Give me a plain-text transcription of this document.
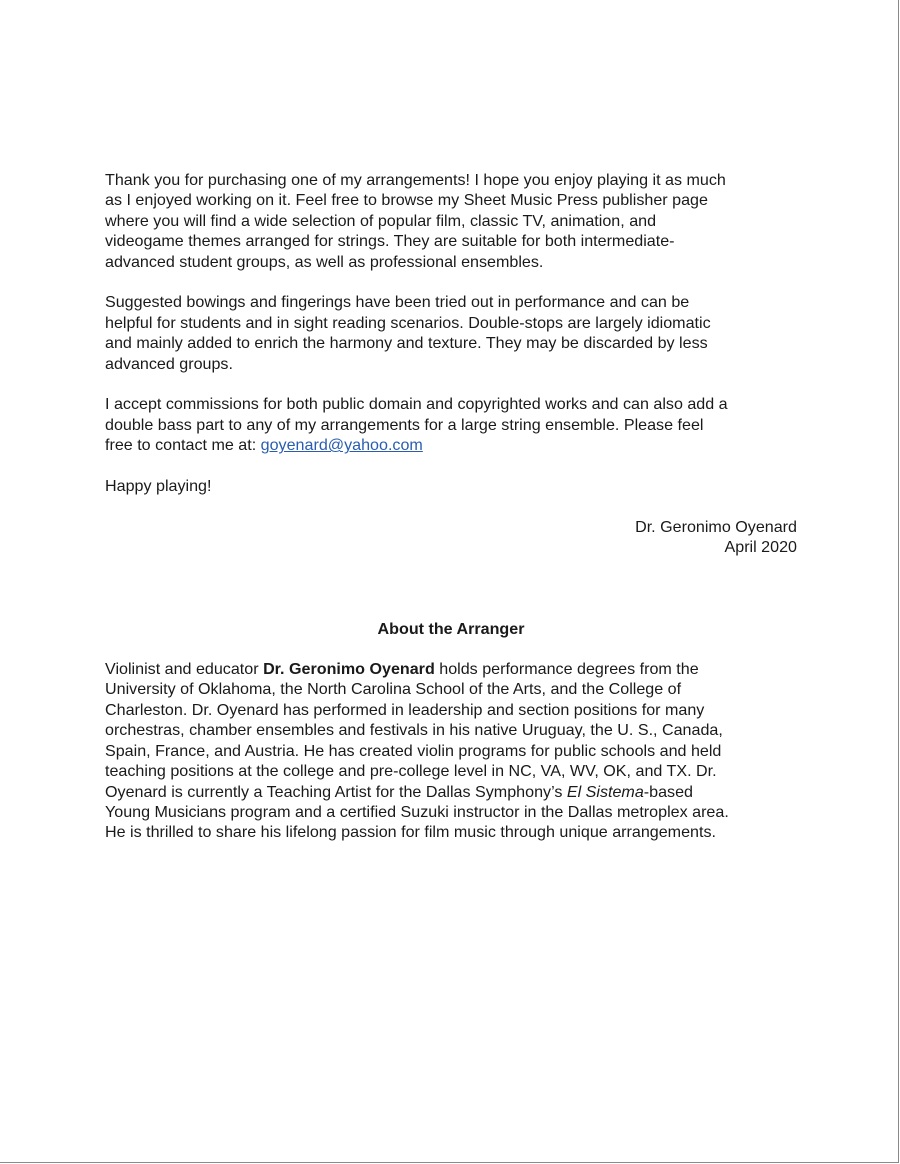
Thank you for purchasing one of my arrangements! I hope you enjoy playing it as much
as I enjoyed working on it. Feel free to browse my Sheet Music Press publisher page
where you will find a wide selection of popular film, classic TV, animation, and
videogame themes arranged for strings. They are suitable for both intermediate-
advanced student groups, as well as professional ensembles.

Suggested bowings and fingerings have been tried out in performance and can be
helpful for students and in sight reading scenarios. Double-stops are largely idiomatic
and mainly added to enrich the harmony and texture. They may be discarded by less
advanced groups.

I accept commissions for both public domain and copyrighted works and can also add a
double bass part to any of my arrangements for a large string ensemble. Please feel
free to contact me at: goyenard@yahoo.com

Happy playing!

Dr. Geronimo Oyenard

April 2020

About the Arranger

Violinist and educator Dr. Geronimo Oyenard holds performance degrees from the
University of Oklahoma, the North Carolina School of the Arts, and the College of
Charleston. Dr. Oyenard has performed in leadership and section positions for many
orchestras, chamber ensembles and festivals in his native Uruguay, the U. S., Canada,
Spain, France, and Austria. He has created violin programs for public schools and held
teaching positions at the college and pre-college level in NC, VA, WV, OK, and TX. Dr.
Oyenard is currently a Teaching Artist for the Dallas Symphony’s El Sistema-based
Young Musicians program and a certified Suzuki instructor in the Dallas metroplex area.
He is thrilled to share his lifelong passion for film music through unique arrangements.
